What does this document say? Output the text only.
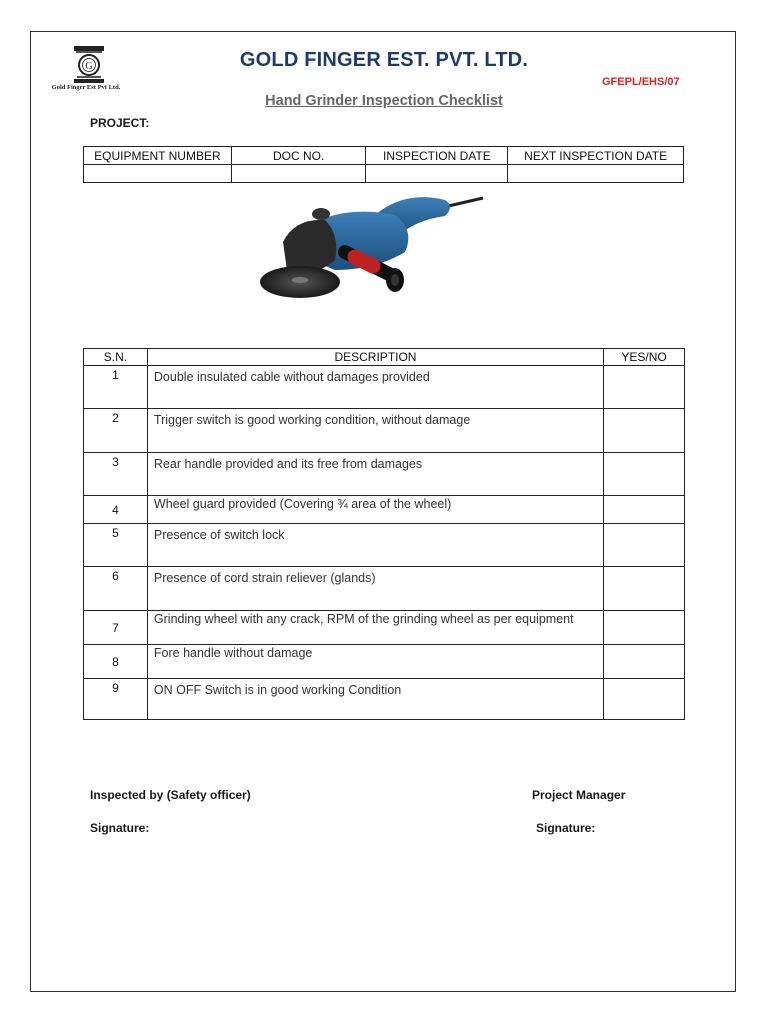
G
Gold Finger Est Pvt Ltd.
GOLD FINGER EST. PVT. LTD.
GFEPL/EHS/07
Hand Grinder Inspection Checklist
PROJECT:
EQUIPMENT NUMBER	DOC NO.	INSPECTION DATE	NEXT INSPECTION DATE

S.N.	DESCRIPTION	YES/NO
1	Double insulated cable without damages provided	
2	Trigger switch is good working condition, without damage	
3	Rear handle provided and its free from damages	
4	Wheel guard provided (Covering ¾ area of the wheel)	
5	Presence of switch lock	
6	Presence of cord strain reliever (glands)	
7	Grinding wheel with any crack, RPM of the grinding wheel as per equipment	
8	Fore handle without damage	
9	ON OFF Switch is in good working Condition	
Inspected by (Safety officer)	Project Manager
Signature:	Signature:
